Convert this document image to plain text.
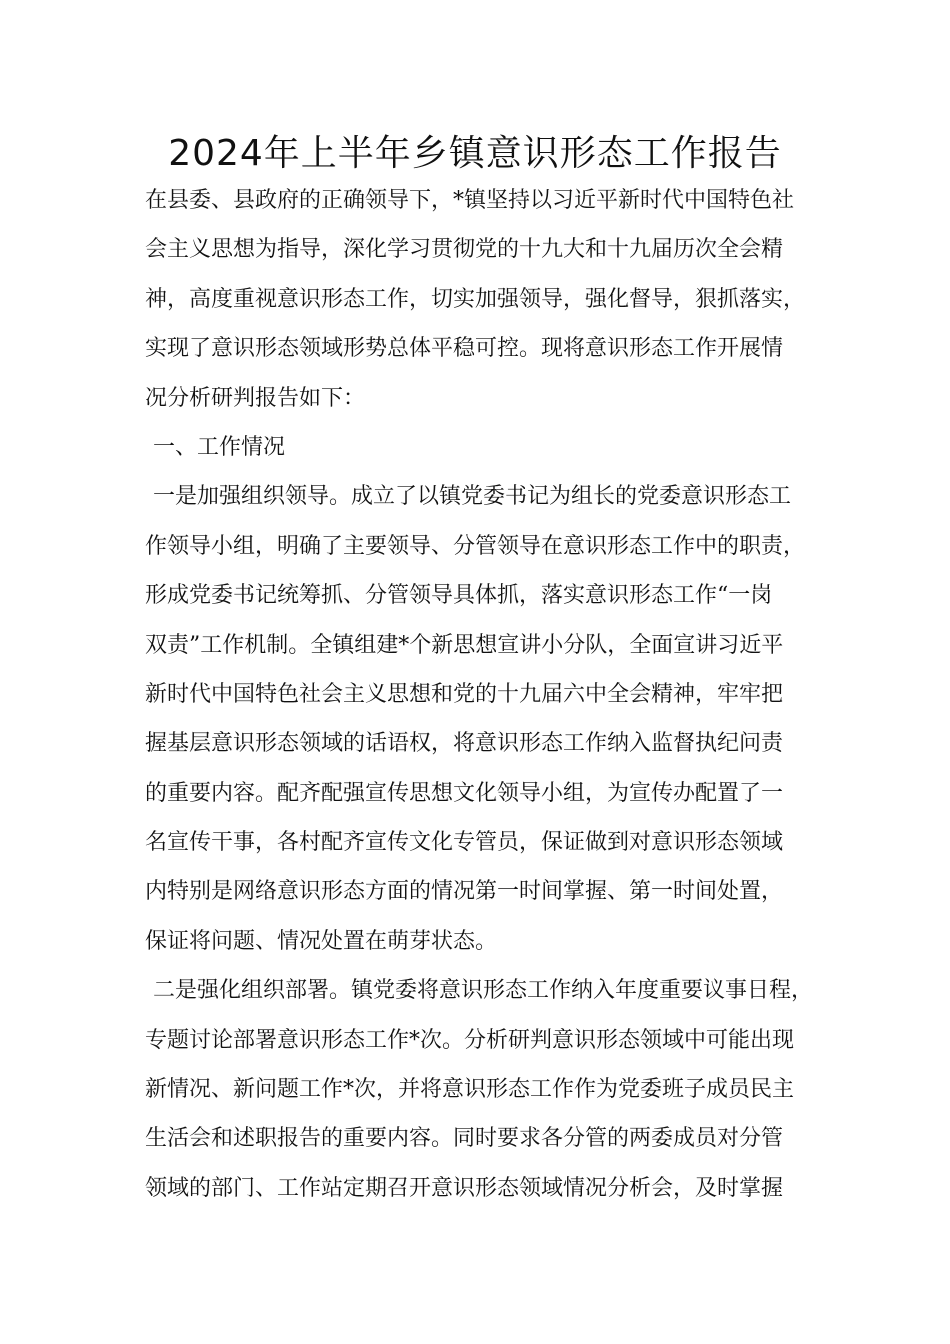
2024年上半年乡镇意识形态工作报告
在县委、县政府的正确领导下，*镇坚持以习近平新时代中国特色社
会主义思想为指导，深化学习贯彻党的十九大和十九届历次全会精
神，高度重视意识形态工作，切实加强领导，强化督导，狠抓落实，
实现了意识形态领域形势总体平稳可控。现将意识形态工作开展情
况分析研判报告如下：
一、工作情况
一是加强组织领导。成立了以镇党委书记为组长的党委意识形态工
作领导小组，明确了主要领导、分管领导在意识形态工作中的职责，
形成党委书记统筹抓、分管领导具体抓，落实意识形态工作“一岗
双责”工作机制。全镇组建*个新思想宣讲小分队，全面宣讲习近平
新时代中国特色社会主义思想和党的十九届六中全会精神，牢牢把
握基层意识形态领域的话语权，将意识形态工作纳入监督执纪问责
的重要内容。配齐配强宣传思想文化领导小组，为宣传办配置了一
名宣传干事，各村配齐宣传文化专管员，保证做到对意识形态领域
内特别是网络意识形态方面的情况第一时间掌握、第一时间处置，
保证将问题、情况处置在萌芽状态。
二是强化组织部署。镇党委将意识形态工作纳入年度重要议事日程，
专题讨论部署意识形态工作*次。分析研判意识形态领域中可能出现
新情况、新问题工作*次，并将意识形态工作作为党委班子成员民主
生活会和述职报告的重要内容。同时要求各分管的两委成员对分管
领域的部门、工作站定期召开意识形态领域情况分析会，及时掌握
